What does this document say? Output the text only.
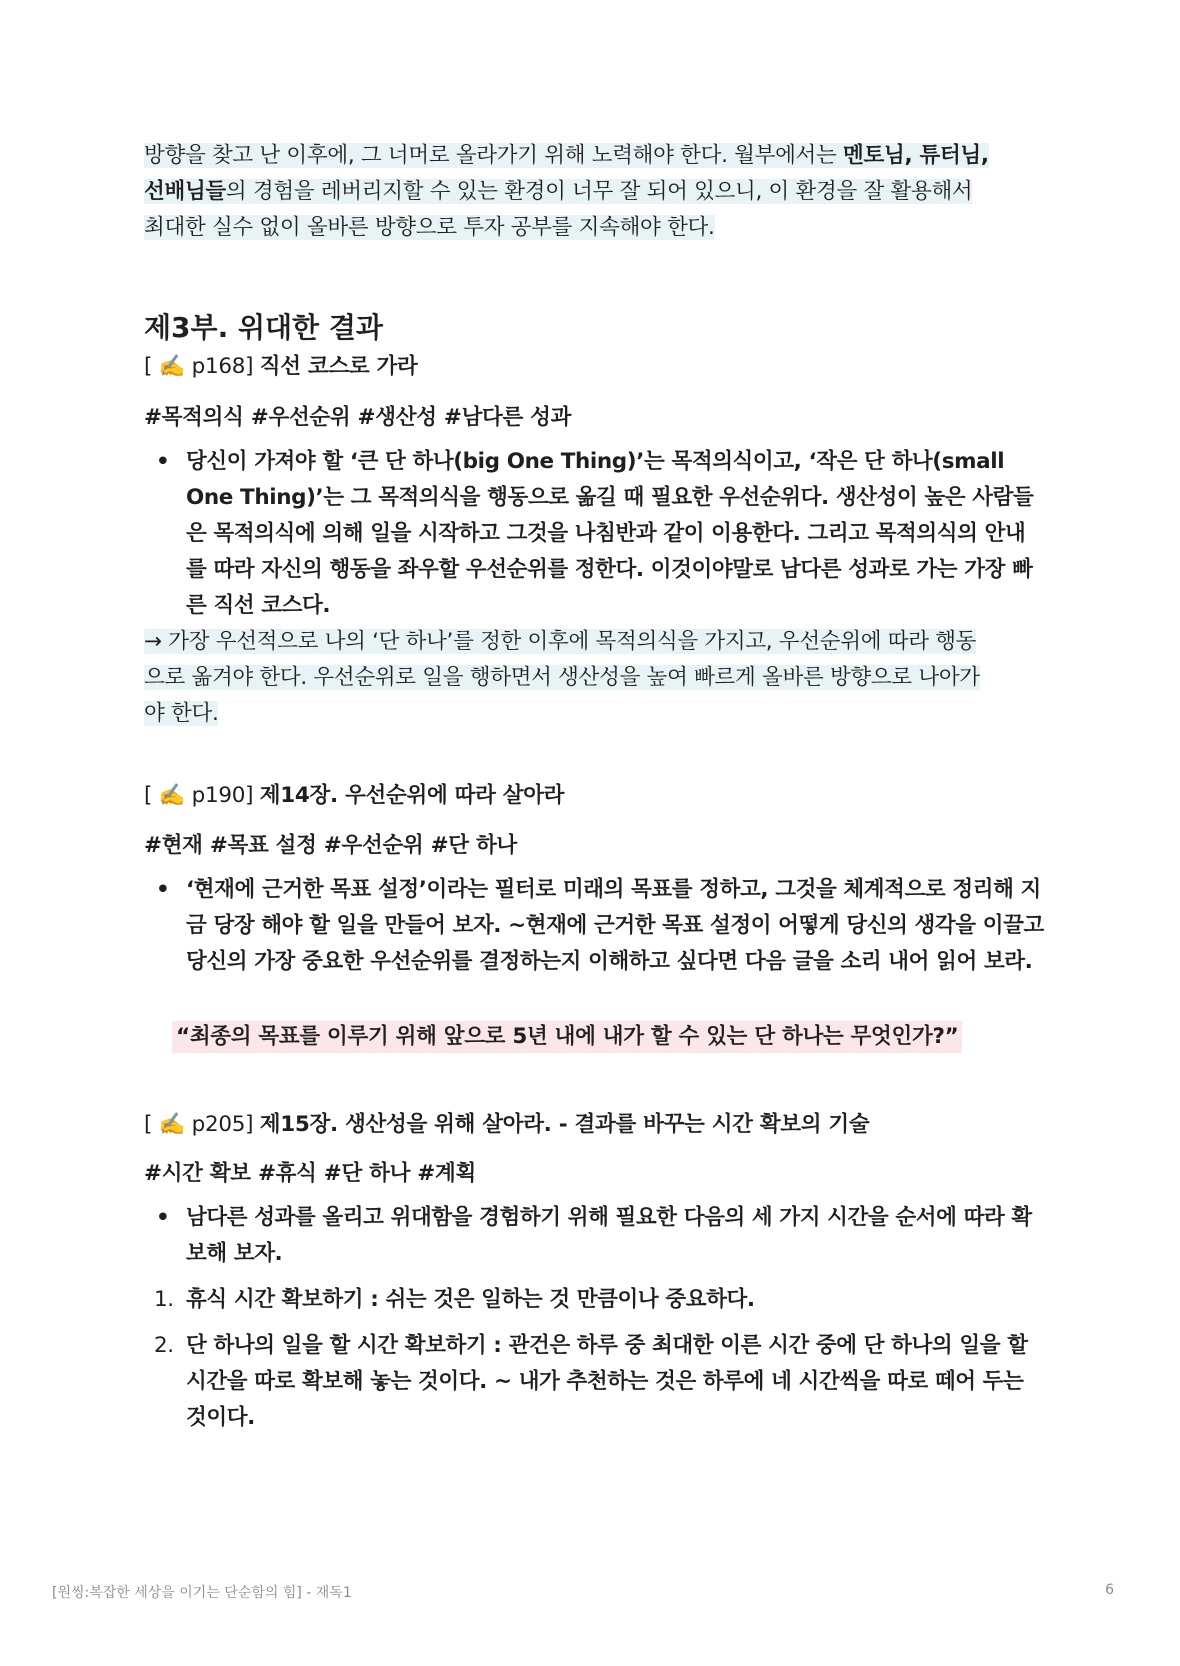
방향을 찾고 난 이후에, 그 너머로 올라가기 위해 노력해야 한다. 월부에서는 멘토님, 튜터님,

선배님들의 경험을 레버리지할 수 있는 환경이 너무 잘 되어 있으니, 이 환경을 잘 활용해서

최대한 실수 없이 올바른 방향으로 투자 공부를 지속해야 한다.

제3부. 위대한 결과

[ ✍️ p168] 직선 코스로 가라

#목적의식 #우선순위 #생산성 #남다른 성과

• 당신이 가져야 할 ‘큰 단 하나(big One Thing)’는 목적의식이고, ‘작은 단 하나(small One Thing)’는 그 목적의식을 행동으로 옮길 때 필요한 우선순위다. 생산성이 높은 사람들은 목적의식에 의해 일을 시작하고 그것을 나침반과 같이 이용한다. 그리고 목적의식의 안내를 따라 자신의 행동을 좌우할 우선순위를 정한다. 이것이야말로 남다른 성과로 가는 가장 빠른 직선 코스다.

→ 가장 우선적으로 나의 ‘단 하나’를 정한 이후에 목적의식을 가지고, 우선순위에 따라 행동

으로 옮겨야 한다. 우선순위로 일을 행하면서 생산성을 높여 빠르게 올바른 방향으로 나아가

야 한다.

[ ✍️ p190] 제14장. 우선순위에 따라 살아라

#현재 #목표 설정 #우선순위 #단 하나

• ‘현재에 근거한 목표 설정’이라는 필터로 미래의 목표를 정하고, 그것을 체계적으로 정리해 지금 당장 해야 할 일을 만들어 보자. ~현재에 근거한 목표 설정이 어떻게 당신의 생각을 이끌고 당신의 가장 중요한 우선순위를 결정하는지 이해하고 싶다면 다음 글을 소리 내어 읽어 보라.
“최종의 목표를 이루기 위해 앞으로 5년 내에 내가 할 수 있는 단 하나는 무엇인가?”

[ ✍️ p205] 제15장. 생산성을 위해 살아라. - 결과를 바꾸는 시간 확보의 기술

#시간 확보 #휴식 #단 하나 #계획

• 남다른 성과를 올리고 위대함을 경험하기 위해 필요한 다음의 세 가지 시간을 순서에 따라 확보해 보자.
1. 휴식 시간 확보하기 : 쉬는 것은 일하는 것 만큼이나 중요하다.
2. 단 하나의 일을 할 시간 확보하기 : 관건은 하루 중 최대한 이른 시간 중에 단 하나의 일을 할 시간을 따로 확보해 놓는 것이다. ~ 내가 추천하는 것은 하루에 네 시간씩을 따로 떼어 두는 것이다.
[원씽:복잡한 세상을 이기는 단순함의 힘] - 재독1	6
